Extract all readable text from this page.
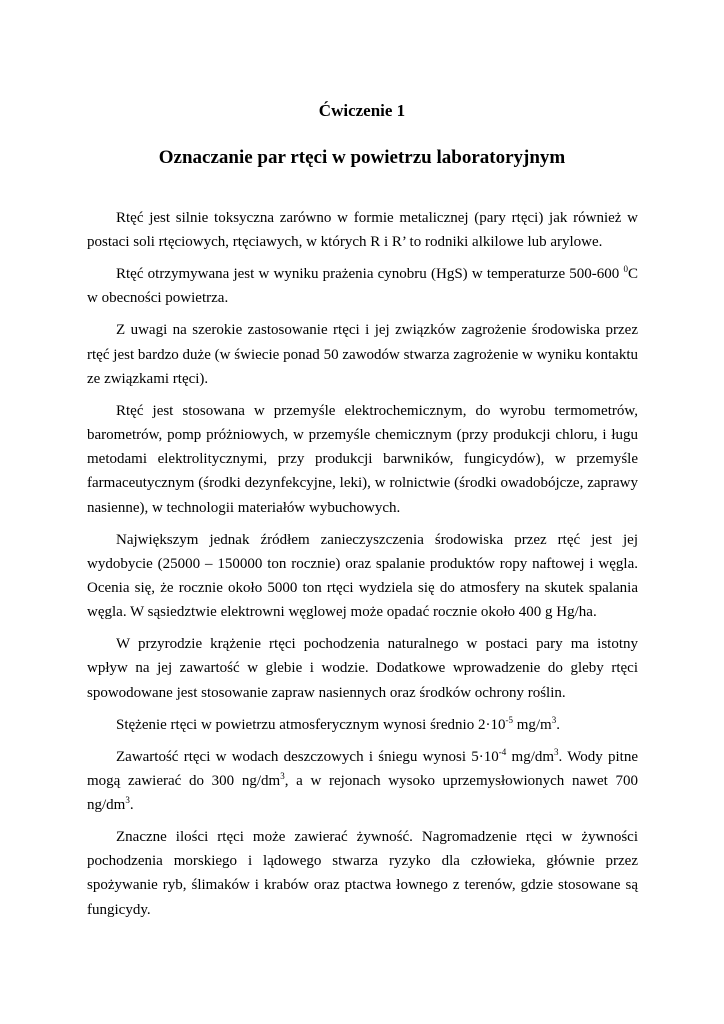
Ćwiczenie 1
Oznaczanie par rtęci w powietrzu laboratoryjnym

Rtęć jest silnie toksyczna zarówno w formie metalicznej (pary rtęci) jak również w postaci soli rtęciowych, rtęciawych, w których R i R’ to rodniki alkilowe lub arylowe.

Rtęć otrzymywana jest w wyniku prażenia cynobru (HgS) w temperaturze 500-600 $^0$C w obecności powietrza.

Z uwagi na szerokie zastosowanie rtęci i jej związków zagrożenie środowiska przez rtęć jest bardzo duże (w świecie ponad 50 zawodów stwarza zagrożenie w wyniku kontaktu ze związkami rtęci).

Rtęć jest stosowana w przemyśle elektrochemicznym, do wyrobu termometrów, barometrów, pomp próżniowych, w przemyśle chemicznym (przy produkcji chloru, i ługu metodami elektrolitycznymi, przy produkcji barwników, fungicydów), w przemyśle farmaceutycznym (środki dezynfekcyjne, leki), w rolnictwie (środki owadobójcze, zaprawy nasienne), w technologii materiałów wybuchowych.

Największym jednak źródłem zanieczyszczenia środowiska przez rtęć jest jej wydobycie (25000 – 150000 ton rocznie) oraz spalanie produktów ropy naftowej i węgla. Ocenia się, że rocznie około 5000 ton rtęci wydziela się do atmosfery na skutek spalania węgla. W sąsiedztwie elektrowni węglowej może opadać rocznie około 400 g Hg/ha.

W przyrodzie krążenie rtęci pochodzenia naturalnego w postaci pary ma istotny wpływ na jej zawartość w glebie i wodzie. Dodatkowe wprowadzenie do gleby rtęci spowodowane jest stosowanie zapraw nasiennych oraz środków ochrony roślin.

Stężenie rtęci w powietrzu atmosferycznym wynosi średnio $2\cdot 10^{-5}$ $mg/m^3$.

Zawartość rtęci w wodach deszczowych i śniegu wynosi $5\cdot 10^{-4}$ $mg/dm^3$. Wody pitne mogą zawierać do 300 $ng/dm^3$, a w rejonach wysoko uprzemysłowionych nawet 700 $ng/dm^3$.

Znaczne ilości rtęci może zawierać żywność. Nagromadzenie rtęci w żywności pochodzenia morskiego i lądowego stwarza ryzyko dla człowieka, głównie przez spożywanie ryb, ślimaków i krabów oraz ptactwa łownego z terenów, gdzie stosowane są fungicydy.
